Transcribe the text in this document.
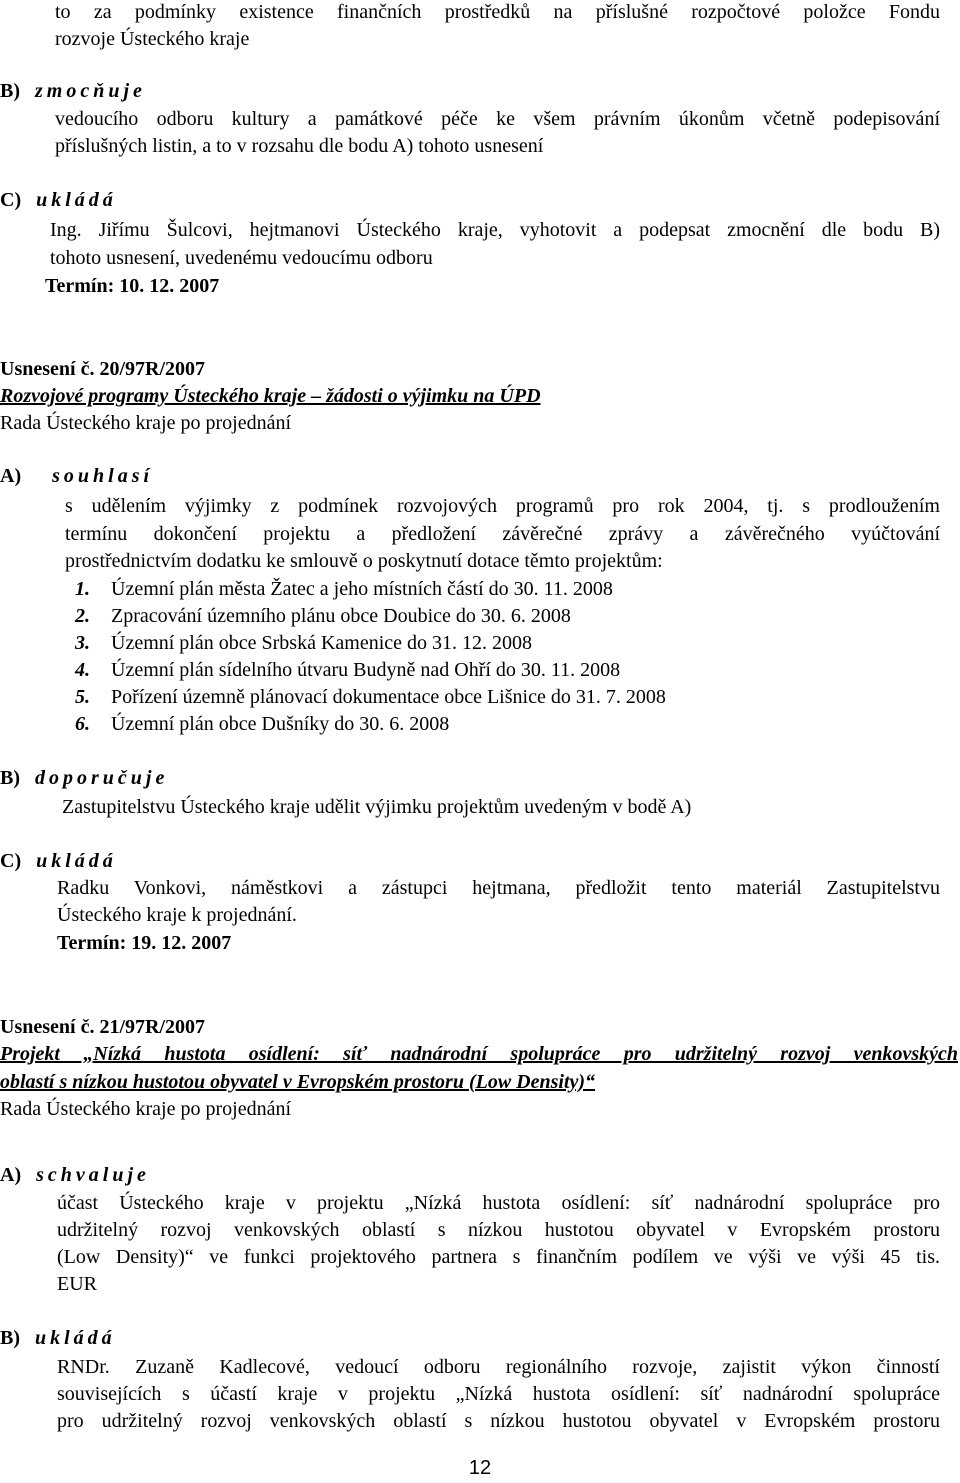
to za podmínky existence finančních prostředků na příslušné rozpočtové položce Fondu
rozvoje Ústeckého kraje
B) zmocňuje
vedoucího odboru kultury a památkové péče ke všem právním úkonům včetně podepisování
příslušných listin, a to v rozsahu dle bodu A) tohoto usnesení
C) ukládá
Ing. Jiřímu Šulcovi, hejtmanovi Ústeckého kraje, vyhotovit a podepsat zmocnění dle bodu B)
tohoto usnesení, uvedenému vedoucímu odboru
Termín: 10. 12. 2007
Usnesení č. 20/97R/2007
Rozvojové programy Ústeckého kraje – žádosti o výjimku na ÚPD
Rada Ústeckého kraje po projednání
A) souhlasí
s udělením výjimky z podmínek rozvojových programů pro rok 2004, tj. s prodloužením
termínu dokončení projektu a předložení závěrečné zprávy a závěrečného vyúčtování
prostřednictvím dodatku ke smlouvě o poskytnutí dotace těmto projektům:
1. Územní plán města Žatec a jeho místních částí do 30. 11. 2008
2. Zpracování územního plánu obce Doubice do 30. 6. 2008
3. Územní plán obce Srbská Kamenice do 31. 12. 2008
4. Územní plán sídelního útvaru Budyně nad Ohří do 30. 11. 2008
5. Pořízení územně plánovací dokumentace obce Lišnice do 31. 7. 2008
6. Územní plán obce Dušníky do 30. 6. 2008
B) doporučuje
Zastupitelstvu Ústeckého kraje udělit výjimku projektům uvedeným v bodě A)
C) ukládá
Radku Vonkovi, náměstkovi a zástupci hejtmana, předložit tento materiál Zastupitelstvu
Ústeckého kraje k projednání.
Termín: 19. 12. 2007
Usnesení č. 21/97R/2007
Projekt „Nízká hustota osídlení: síť nadnárodní spolupráce pro udržitelný rozvoj venkovských
oblastí s nízkou hustotou obyvatel v Evropském prostoru (Low Density)“
Rada Ústeckého kraje po projednání
A) schvaluje
účast Ústeckého kraje v projektu „Nízká hustota osídlení: síť nadnárodní spolupráce pro
udržitelný rozvoj venkovských oblastí s nízkou hustotou obyvatel v Evropském prostoru
(Low Density)“ ve funkci projektového partnera s finančním podílem ve výši ve výši 45 tis.
EUR
B) ukládá
RNDr. Zuzaně Kadlecové, vedoucí odboru regionálního rozvoje, zajistit výkon činností
souvisejících s účastí kraje v projektu „Nízká hustota osídlení: síť nadnárodní spolupráce
pro udržitelný rozvoj venkovských oblastí s nízkou hustotou obyvatel v Evropském prostoru
12
